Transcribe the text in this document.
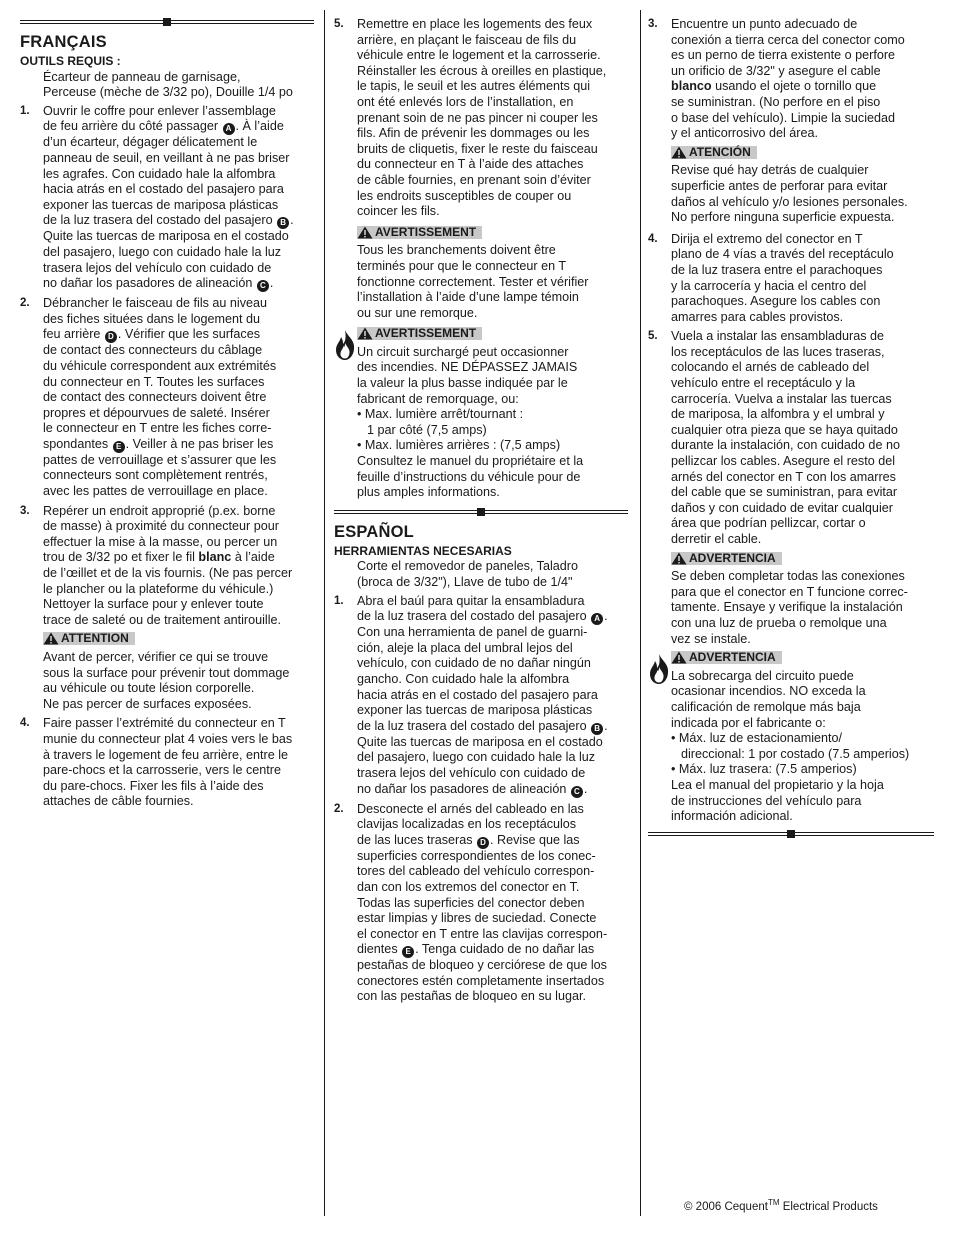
FRANÇAIS

OUTILS REQUIS :

Écarteur de panneau de garnisage,

Perceuse (mèche de 3/32 po), Douille 1/4 po

1.	Ouvrir le coffre pour enlever l’assemblage

de feu arrière du côté passager A . À l’aide

d’un écarteur, dégager délicatement le

panneau de seuil, en veillant à ne pas briser

les agrafes. Con cuidado hale la alfombra

hacia atrás en el costado del pasajero para

exponer las tuercas de mariposa plásticas

de la luz trasera del costado del pasajero B .

Quite las tuercas de mariposa en el costado

del pasajero, luego con cuidado hale la luz

trasera lejos del vehículo con cuidado de

no dañar los pasadores de alineación C .

2.	Débrancher le faisceau de fils au niveau

des fiches situées dans le logement du

feu arrière D . Vérifier que les surfaces

de contact des connecteurs du câblage

du véhicule correspondent aux extrémités

du connecteur en T. Toutes les surfaces

de contact des connecteurs doivent être

propres et dépourvues de saleté. Insérer

le connecteur en T entre les fiches corre-

spondantes E . Veiller à ne pas briser les

pattes de verrouillage et s’assurer que les

connecteurs sont complètement rentrés,

avec les pattes de verrouillage en place.

3.	Repérer un endroit approprié (p.ex. borne

de masse) à proximité du connecteur pour

effectuer la mise à la masse, ou percer un

trou de 3/32 po et fixer le fil blanc à l’aide

de l’œillet et de la vis fournis. (Ne pas percer

le plancher ou la plateforme du véhicule.)

Nettoyer la surface pour y enlever toute

trace de saleté ou de traitement antirouille.

ATTENTION

Avant de percer, vérifier ce qui se trouve

sous la surface pour prévenir tout dommage

au véhicule ou toute lésion corporelle.

Ne pas percer de surfaces exposées.

4.	Faire passer l’extrémité du connecteur en T

munie du connecteur plat 4 voies vers le bas

à travers le logement de feu arrière, entre le

pare-chocs et la carrosserie, vers le centre

du pare-chocs. Fixer les fils à l’aide des

attaches de câble fournies.

5.	Remettre en place les logements des feux

arrière, en plaçant le faisceau de fils du

véhicule entre le logement et la carrosserie.

Réinstaller les écrous à oreilles en plastique,

le tapis, le seuil et les autres éléments qui

ont été enlevés lors de l’installation, en

prenant soin de ne pas pincer ni couper les

fils. Afin de prévenir les dommages ou les

bruits de cliquetis, fixer le reste du faisceau

du connecteur en T à l’aide des attaches

de câble fournies, en prenant soin d’éviter

les endroits susceptibles de couper ou

coincer les fils.

AVERTISSEMENT

Tous les branchements doivent être

terminés pour que le connecteur en T

fonctionne correctement. Tester et vérifier

l’installation à l’aide d’une lampe témoin

ou sur une remorque.

AVERTISSEMENT

Un circuit surchargé peut occasionner

des incendies. NE DÉPASSEZ JAMAIS

la valeur la plus basse indiquée par le

fabricant de remorquage, ou:

• Max. lumière arrêt/tournant :

1 par côté (7,5 amps)

• Max. lumières arrières : (7,5 amps)

Consultez le manuel du propriétaire et la

feuille d’instructions du véhicule pour de

plus amples informations.

ESPAÑOL

HERRAMIENTAS NECESARIAS

Corte el removedor de paneles, Taladro

(broca de 3/32"), Llave de tubo de 1/4"

1.	Abra el baúl para quitar la ensambladura

de la luz trasera del costado del pasajero A .

Con una herramienta de panel de guarni-

ción, aleje la placa del umbral lejos del

vehículo, con cuidado de no dañar ningún

gancho. Con cuidado hale la alfombra

hacia atrás en el costado del pasajero para

exponer las tuercas de mariposa plásticas

de la luz trasera del costado del pasajero B .

Quite las tuercas de mariposa en el costado

del pasajero, luego con cuidado hale la luz

trasera lejos del vehículo con cuidado de

no dañar los pasadores de alineación C .

2.	Desconecte el arnés del cableado en las

clavijas localizadas en los receptáculos

de las luces traseras D . Revise que las

superficies correspondientes de los conec-

tores del cableado del vehículo correspon-

dan con los extremos del conector en T.

Todas las superficies del conector deben

estar limpias y libres de suciedad. Conecte

el conector en T entre las clavijas correspon-

dientes E . Tenga cuidado de no dañar las

pestañas de bloqueo y cerciórese de que los

conectores estén completamente insertados

con las pestañas de bloqueo en su lugar.

3.	Encuentre un punto adecuado de

conexión a tierra cerca del conector como

es un perno de tierra existente o perfore

un orificio de 3/32" y asegure el cable

blanco usando el ojete o tornillo que

se suministran. (No perfore en el piso

o base del vehículo). Limpie la suciedad

y el anticorrosivo del área.

ATENCIÓN

Revise qué hay detrás de cualquier

superficie antes de perforar para evitar

daños al vehículo y/o lesiones personales.

No perfore ninguna superficie expuesta.

4.	Dirija el extremo del conector en T

plano de 4 vías a través del receptáculo

de la luz trasera entre el parachoques

y la carrocería y hacia el centro del

parachoques. Asegure los cables con

amarres para cables provistos.

5.	Vuela a instalar las ensambladuras de

los receptáculos de las luces traseras,

colocando el arnés de cableado del

vehículo entre el receptáculo y la

carrocería. Vuelva a instalar las tuercas

de mariposa, la alfombra y el umbral y

cualquier otra pieza que se haya quitado

durante la instalación, con cuidado de no

pellizcar los cables. Asegure el resto del

arnés del conector en T con los amarres

del cable que se suministran, para evitar

daños y con cuidado de evitar cualquier

área que podrían pellizcar, cortar o

derretir el cable.

ADVERTENCIA

Se deben completar todas las conexiones

para que el conector en T funcione correc-

tamente. Ensaye y verifique la instalación

con una luz de prueba o remolque una

vez se instale.

ADVERTENCIA

La sobrecarga del circuito puede

ocasionar incendios. NO exceda la

calificación de remolque más baja

indicada por el fabricante o:

• Máx. luz de estacionamiento/

direccional: 1 por costado (7.5 amperios)

• Máx. luz trasera: (7.5 amperios)

Lea el manual del propietario y la hoja

de instrucciones del vehículo para

información adicional.

© 2006 Cequent™ Electrical Products
